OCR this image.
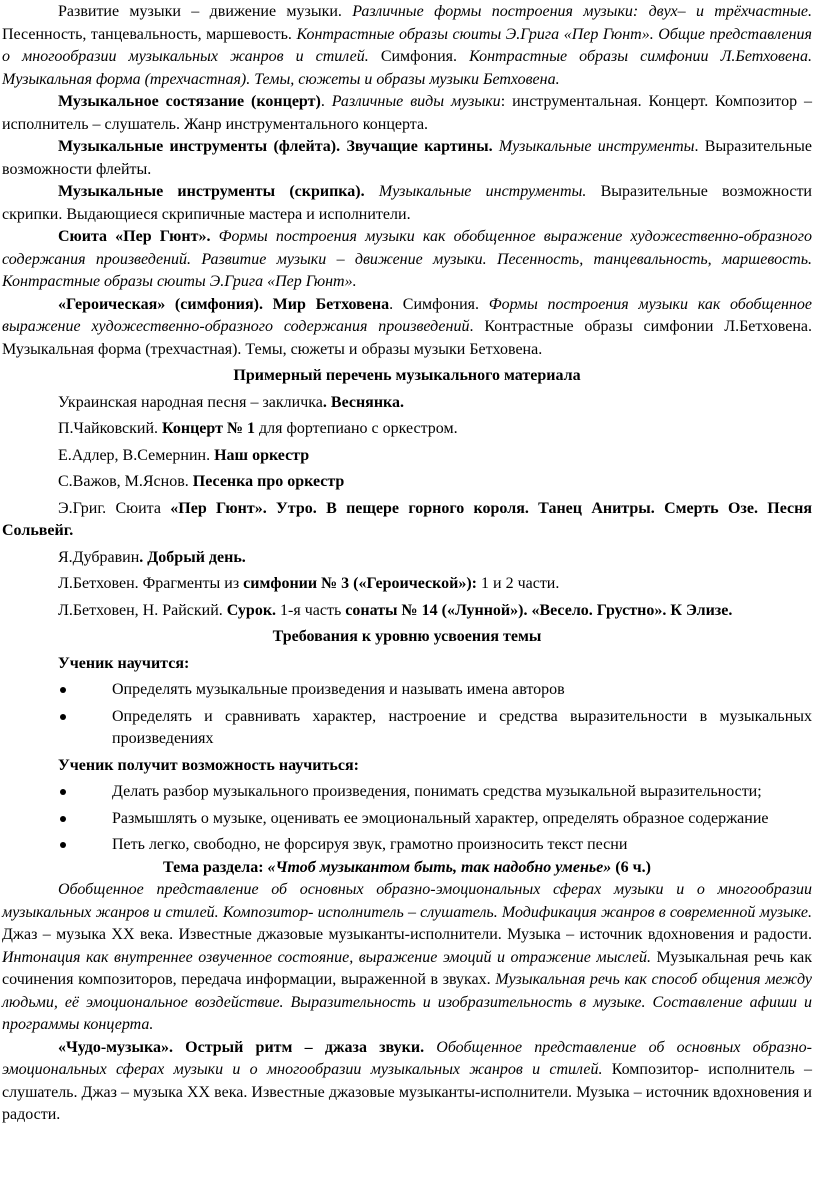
Развитие музыки – движение музыки. Различные формы построения музыки: двух– и трёхчастные. Песенность, танцевальность, маршевость. Контрастные образы сюиты Э.Грига «Пер Гюнт». Общие представления о многообразии музыкальных жанров и стилей. Симфония. Контрастные образы симфонии Л.Бетховена. Музыкальная форма (трехчастная). Темы, сюжеты и образы музыки Бетховена.

Музыкальное состязание (концерт). Различные виды музыки: инструментальная. Концерт. Композитор – исполнитель – слушатель. Жанр инструментального концерта.

Музыкальные инструменты (флейта). Звучащие картины. Музыкальные инструменты. Выразительные возможности флейты.

Музыкальные инструменты (скрипка). Музыкальные инструменты. Выразительные возможности скрипки. Выдающиеся скрипичные мастера и исполнители.

Сюита «Пер Гюнт». Формы построения музыки как обобщенное выражение художественно-образного содержания произведений. Развитие музыки – движение музыки. Песенность, танцевальность, маршевость. Контрастные образы сюиты Э.Грига «Пер Гюнт».

«Героическая» (симфония). Мир Бетховена. Симфония. Формы построения музыки как обобщенное выражение художественно-образного содержания произведений. Контрастные образы симфонии Л.Бетховена. Музыкальная форма (трехчастная). Темы, сюжеты и образы музыки Бетховена.

Примерный перечень музыкального материала

Украинская народная песня – закличка. Веснянка.

П.Чайковский. Концерт № 1 для фортепиано с оркестром.

Е.Адлер, В.Семернин. Наш оркестр

С.Важов, М.Яснов. Песенка про оркестр

Э.Григ. Сюита «Пер Гюнт». Утро. В пещере горного короля. Танец Анитры. Смерть Озе. Песня Сольвейг.

Я.Дубравин. Добрый день.

Л.Бетховен. Фрагменты из симфонии № 3 («Героической»): 1 и 2 части.

Л.Бетховен, Н. Райский. Сурок. 1-я часть сонаты № 14 («Лунной»). «Весело. Грустно». К Элизе.

Требования к уровню усвоения темы

Ученик научится:

Определять музыкальные произведения и называть имена авторов

Определять и сравнивать характер, настроение и средства выразительности в музыкальных произведениях

Ученик получит возможность научиться:

Делать разбор музыкального произведения, понимать средства музыкальной выразительности;

Размышлять о музыке, оценивать ее эмоциональный характер, определять образное содержание

Петь легко, свободно, не форсируя звук, грамотно произносить текст песни

Тема раздела: «Чтоб музыкантом быть, так надобно уменье» (6 ч.)

Обобщенное представление об основных образно-эмоциональных сферах музыки и о многообразии музыкальных жанров и стилей. Композитор- исполнитель – слушатель. Модификация жанров в современной музыке. Джаз – музыка XX века. Известные джазовые музыканты-исполнители. Музыка – источник вдохновения и радости. Интонация как внутреннее озвученное состояние, выражение эмоций и отражение мыслей. Музыкальная речь как сочинения композиторов, передача информации, выраженной в звуках. Музыкальная речь как способ общения между людьми, её эмоциональное воздействие. Выразительность и изобразительность в музыке. Составление афиши и программы концерта.

«Чудо-музыка». Острый ритм – джаза звуки. Обобщенное представление об основных образно-эмоциональных сферах музыки и о многообразии музыкальных жанров и стилей. Композитор- исполнитель – слушатель. Джаз – музыка XX века. Известные джазовые музыканты-исполнители. Музыка – источник вдохновения и радости.
